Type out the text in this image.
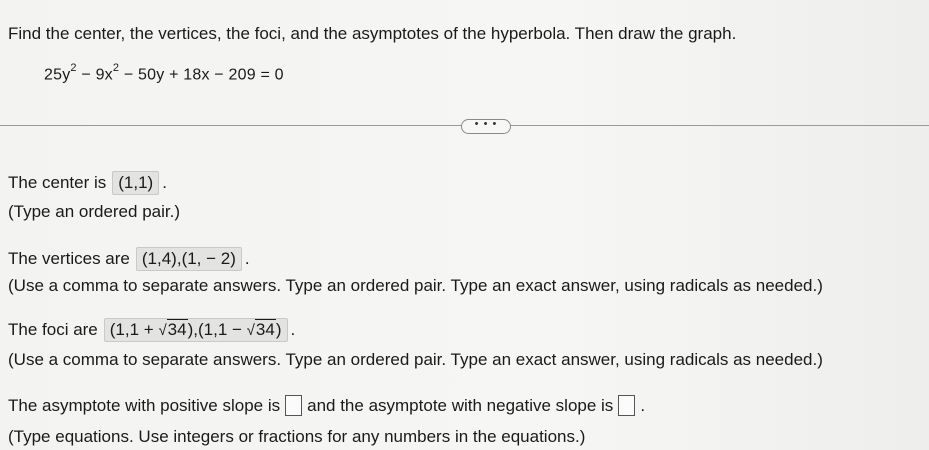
Find the center, the vertices, the foci, and the asymptotes of the hyperbola. Then draw the graph.
$25y^2 - 9x^2 - 50y + 18x - 209 = 0$
• • •
The center is (1,1) .
(Type an ordered pair.)
The vertices are (1,4),(1, − 2) .
(Use a comma to separate answers. Type an ordered pair. Type an exact answer, using radicals as needed.)
The foci are (1,1 + √34),(1,1 − √34) .
(Use a comma to separate answers. Type an ordered pair. Type an exact answer, using radicals as needed.)
The asymptote with positive slope is and the asymptote with negative slope is .
(Type equations. Use integers or fractions for any numbers in the equations.)
